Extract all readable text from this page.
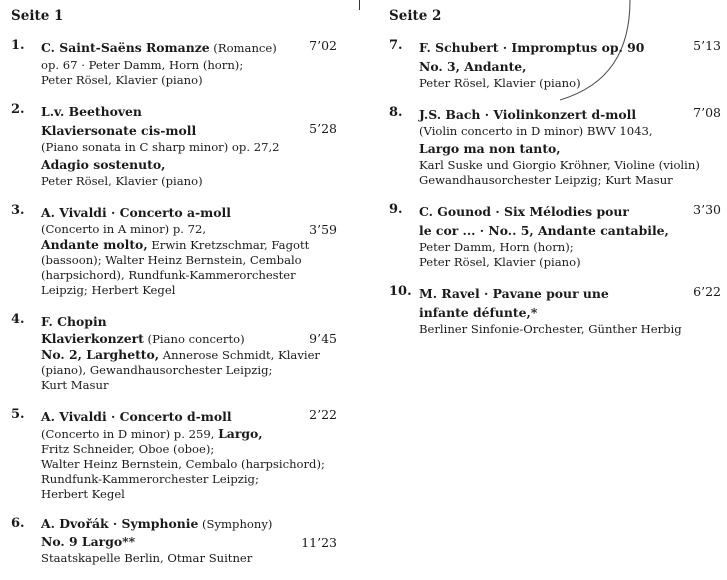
Seite 1
1.	7’02
C. Saint-Saëns Romanze (Romance)
op. 67 · Peter Damm, Horn (horn);
Peter Rösel, Klavier (piano)
2.
5’28
L.v. Beethoven
Klaviersonate cis-moll
(Piano sonata in C sharp minor) op. 27,2
Adagio sostenuto,
Peter Rösel, Klavier (piano)
3.
3’59
A. Vivaldi · Concerto a-moll
(Concerto in A minor) p. 72,
Andante molto, Erwin Kretzschmar, Fagott
(bassoon); Walter Heinz Bernstein, Cembalo
(harpsichord), Rundfunk-Kammerorchester
Leipzig; Herbert Kegel
4.
9’45
F. Chopin
Klavierkonzert (Piano concerto)
No. 2, Larghetto, Annerose Schmidt, Klavier
(piano), Gewandhausorchester Leipzig;
Kurt Masur
5.	2’22
A. Vivaldi · Concerto d-moll
(Concerto in D minor) p. 259, Largo,
Fritz Schneider, Oboe (oboe);
Walter Heinz Bernstein, Cembalo (harpsichord);
Rundfunk-Kammerorchester Leipzig;
Herbert Kegel
6.
11’23
A. Dvořák · Symphonie (Symphony)
No. 9 Largo**
Staatskapelle Berlin, Otmar Suitner
Seite 2
7.	5’13
F. Schubert · Impromptus op. 90
No. 3, Andante,
Peter Rösel, Klavier (piano)
8.	7’08
J.S. Bach · Violinkonzert d-moll
(Violin concerto in D minor) BWV 1043,
Largo ma non tanto,
Karl Suske und Giorgio Kröhner, Violine (violin)
Gewandhausorchester Leipzig; Kurt Masur
9.	3’30
C. Gounod · Six Mélodies pour
le cor ... · No.. 5, Andante cantabile,
Peter Damm, Horn (horn);
Peter Rösel, Klavier (piano)
10.	6’22
M. Ravel · Pavane pour une
infante défunte,*
Berliner Sinfonie-Orchester, Günther Herbig
